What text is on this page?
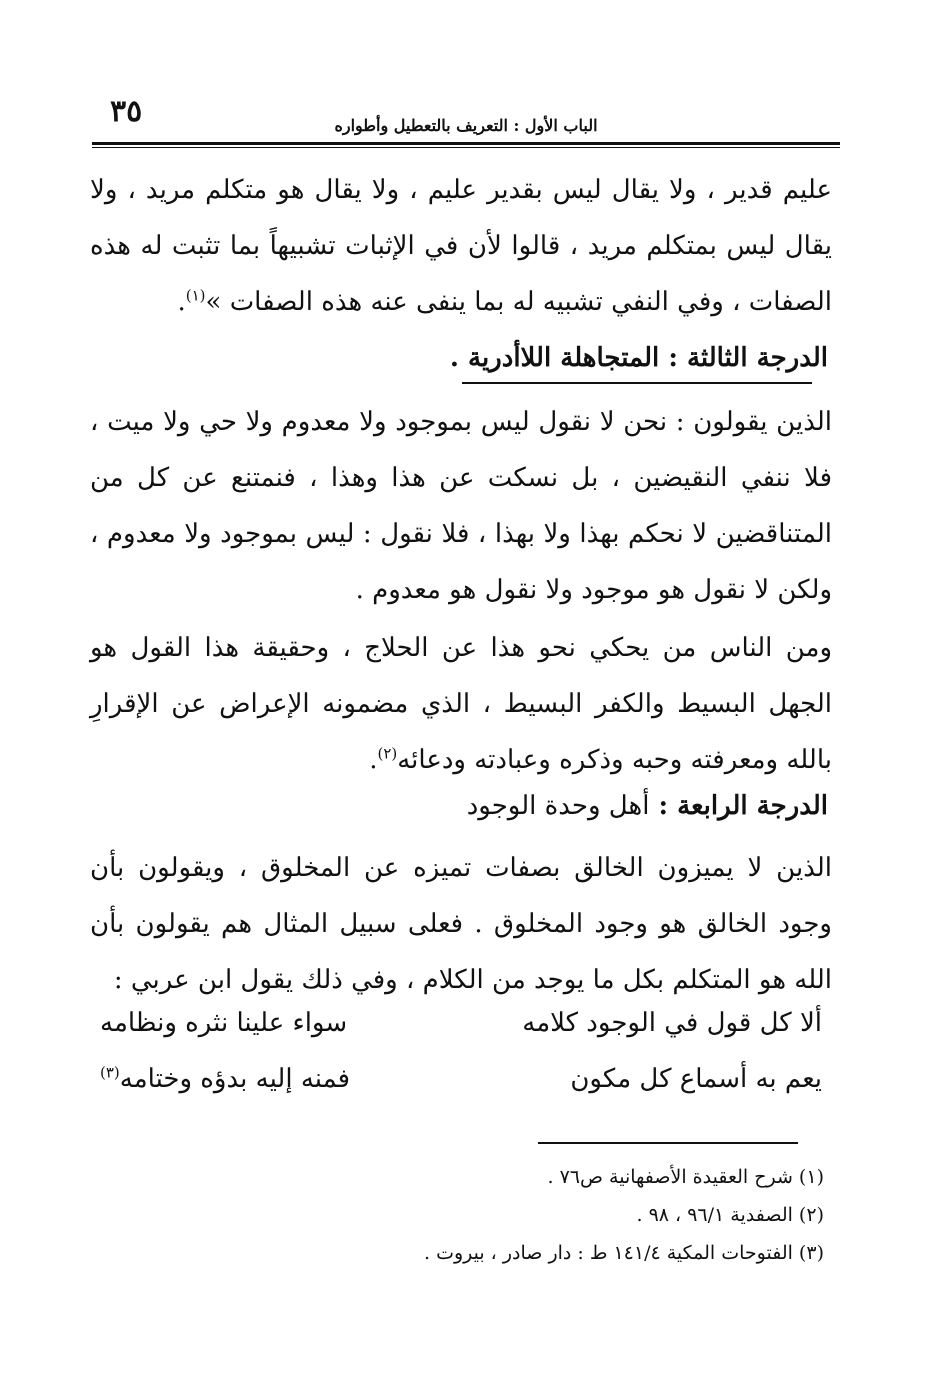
٣٥	الباب الأول : التعريف بالتعطيل وأطواره
عليم قدير ، ولا يقال ليس بقدير عليم ، ولا يقال هو متكلم مريد ، ولا يقال ليس بمتكلم مريد ، قالوا لأن في الإثبات تشبيهاً بما تثبت له هذه الصفات ، وفي النفي تشبيه له بما ينفى عنه هذه الصفات »$^{(١)}$.
الدرجة الثالثة : المتجاهلة اللاأدرية .
الذين يقولون : نحن لا نقول ليس بموجود ولا معدوم ولا حي ولا ميت ، فلا ننفي النقيضين ، بل نسكت عن هذا وهذا ، فنمتنع عن كل من المتناقضين لا نحكم بهذا ولا بهذا ، فلا نقول : ليس بموجود ولا معدوم ، ولكن لا نقول هو موجود ولا نقول هو معدوم .
ومن الناس من يحكي نحو هذا عن الحلاج ، وحقيقة هذا القول هو الجهل البسيط والكفر البسيط ، الذي مضمونه الإعراض عن الإقرارِ بالله ومعرفته وحبه وذكره وعبادته ودعائه$^{(٢)}$.
الدرجة الرابعة : أهل وحدة الوجود
الذين لا يميزون الخالق بصفات تميزه عن المخلوق ، ويقولون بأن وجود الخالق هو وجود المخلوق . فعلى سبيل المثال هم يقولون بأن الله هو المتكلم بكل ما يوجد من الكلام ، وفي ذلك يقول ابن عربي :
ألا كل قول في الوجود كلامه
سواء علينا نثره ونظامه
يعم به أسماع كل مكون
فمنه إليه بدؤه وختامه$^{(٣)}$
(١) شرح العقيدة الأصفهانية ص٧٦ .
(٢) الصفدية ٩٦/١ ، ٩٨ .
(٣) الفتوحات المكية ١٤١/٤ ط : دار صادر ، بيروت .
